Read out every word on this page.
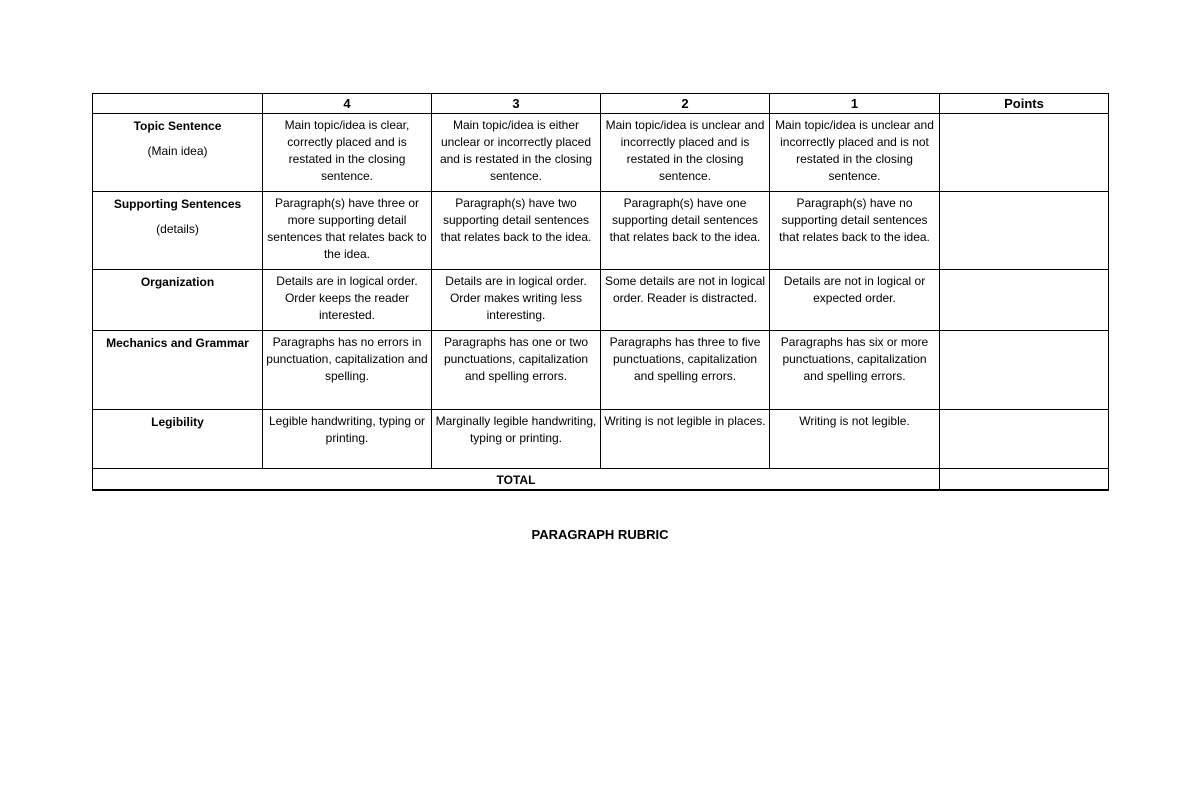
	4	3	2	1	Points

Topic Sentence
(Main idea)	Main topic/idea is clear, correctly placed and is restated in the closing sentence.	Main topic/idea is either unclear or incorrectly placed and is restated in the closing sentence.	Main topic/idea is unclear and incorrectly placed and is restated in the closing sentence.	Main topic/idea is unclear and incorrectly placed and is not restated in the closing sentence.	

Supporting Sentences
(details)	Paragraph(s) have three or more supporting detail sentences that relates back to the idea.	Paragraph(s) have two supporting detail sentences that relates back to the idea.	Paragraph(s) have one supporting detail sentences that relates back to the idea.	Paragraph(s) have no supporting detail sentences that relates back to the idea.	

Organization	Details are in logical order. Order keeps the reader interested.	Details are in logical order. Order makes writing less interesting.	Some details are not in logical order. Reader is distracted.	Details are not in logical or expected order.	

Mechanics and Grammar	Paragraphs has no errors in punctuation, capitalization and spelling.	Paragraphs has one or two punctuations, capitalization and spelling errors.	Paragraphs has three to five punctuations, capitalization and spelling errors.	Paragraphs has six or more punctuations, capitalization and spelling errors.	

Legibility	Legible handwriting, typing or printing.	Marginally legible handwriting, typing or printing.	Writing is not legible in places.	Writing is not legible.	
TOTAL					
PARAGRAPH RUBRIC
